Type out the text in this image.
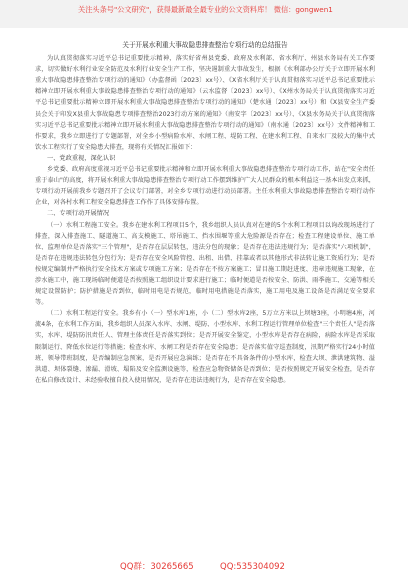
关注头条号"公文研究"，获得最新最全最专业的公文资料库！ 微信：gongwen1

关于开展水利重大事故隐患排查整治专项行动的总结报告

为认真贯彻落实习近平总书记重要批示精神，落实好省州县党委、政府及水利部、省水利厅、州县水务局有关工作要求，切实做好水利行业安全防范及水利行业安全生产工作，坚决遏制重大事故发生，根据《水利部办公厅关于立即开展水利重大事故隐患排查整治专项行动的通知》（办监督函〔2023〕xx号）、《X省水利厅关于认真贯彻落实习近平总书记重要批示精神立即开展水利重大事故隐患排查整治专项行动的通知》（云水监督〔2023〕xx号）、《X州水务局关于认真贯彻落实习近平总书记重要批示精神立即开展水利重大事故隐患排查整治专项行动的通知》（楚水通〔2023〕xx号）和《X县安全生产委员会关于印发X县重大事故隐患专项排查整治2023行动方案的通知》（南安字〔2023〕xx号）、《X县水务局关于认真贯彻落实习近平总书记重要批示精神立即开展水利重大事故隐患排查整治专项行动的通知》（南水通〔2023〕xx号）文件精神和工作要求，我乡立即进行了专题部署，对全乡小型病险水库、水闸工程、堤防工程、在建水利工程、自来水厂及较大的集中式饮水工程实行了安全隐患大排查，现将有关情况汇报如下：

一、党政重视，深化认识

乡党委、政府高度重视习近平总书记重要批示精神和立即开展水利重大事故隐患排查整治专项行动工作，站在"安全责任重于泰山"的高度，将开展水利重大事故隐患排查整治专项行动工作摆到维护广大人民群众的根本利益这一基本出发点来抓，专项行动开展前我乡专题召开了会议专门部署，对全乡专项行动进行动员部署。主任水利重大事故隐患排查整治专项行动作企业，对各村水利工程安全隐患排查工作作了具体安排布置。

二、专项行动开展情况

（一）水利工程施工安全。我乡在建水利工程项目5个，我乡组织人员认真对在建的5个水利工程项目以询改现场进行了排查，深入排查施工、隧道施工、高支模施工、塔吊施工、挡水围堰等重大危险源是否存在；检查工程建设单位、施工单位、监理单位是否落实"三个管理"，是否存在层层转包，违法分包的现象；是否存在违法违规行为；是否落实"六项机制"，是否存在违规违法转包分包行为；是否存在安全风险管控、出租、出借、挂靠或者以其他形式非法转让施工资质行为；是否按规定编制并严格执行安全技术方案或专项施工方案；是否存在不按方案施工；冒目施工期赶进度、违章违规施工现象，在涉水施工中，施工现场临时便道是否按照施工组织设计要求进行施工；临时便道是否按安全、防洪、雨季施工、交通等相关规定设置防护；防护措施是否到位，临时用电是否规范，临时用电措施是否落实，施工用电及施工设备是否满足安全要求等。

（二）水利工程运行安全。我乡有小（一）型水库1座，小（二）型水库2座，5万立方米以上坝塘3座，小明塘4座，河流4条，在水利工作方面，我乡组织人员深入水库、水闸、堤防、小型水库、水利工程运行管理单位检查"三个责任人"是否落实，水库、堤防防汛责任人、管理主体责任是否落实到位；是否开展安全鉴定，小型水库是否存在病险，病险水库是否采取限制运行、降低水位运行等措施；检查水库、水闸工程是否存在安全隐患；是否落实值守巡查制度，汛期严格实行24小时值班、领导带班制度，是否编制应急预案，是否开展应急演练；是否存在不具备条件的小型水库，检查大坝、泄洪建筑物、溢洪道、坝体裂缝、渗漏、滑坡、塌陷及安全监测设施等，检查应急物资储备是否到位；是否按照规定开展安全检查，是否存在私自修改设计、未经验收擅自投入使用情况，是否存在违法违规行为，是否存在安全隐患。

QQ群：30265665	QQ:535304092
